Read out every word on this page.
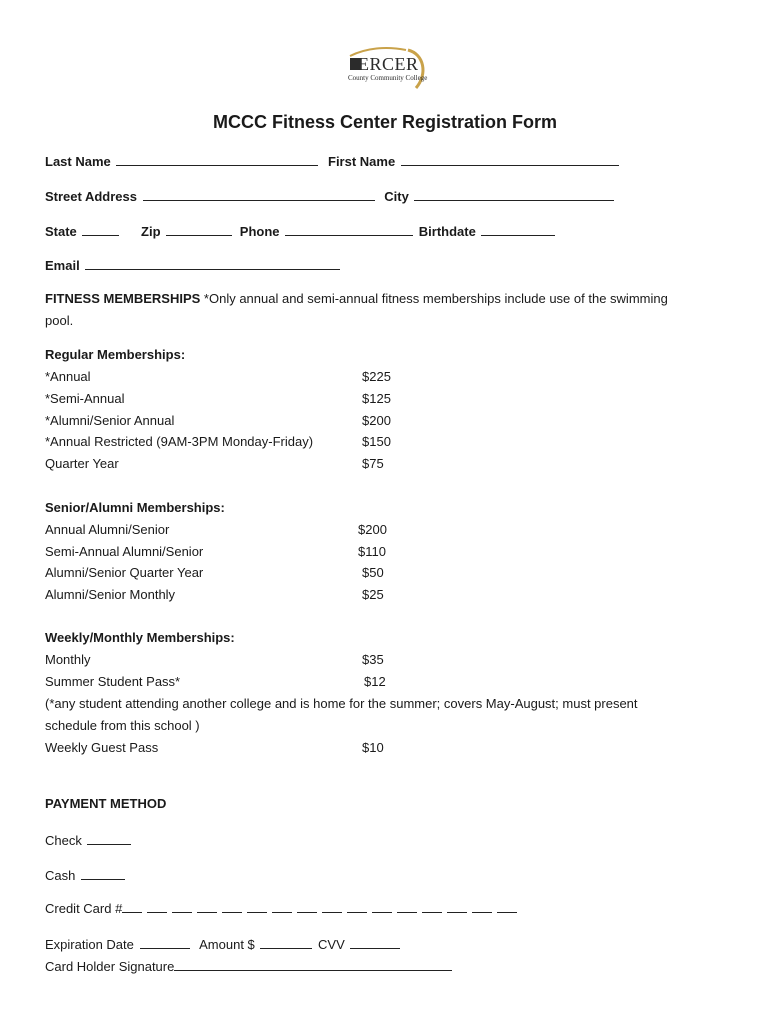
ERCER
County Community College
MCCC Fitness Center Registration Form
Last Name	First Name
Street Address	City
State	Zip	Phone	Birthdate
Email
FITNESS MEMBERSHIPS *Only annual and semi-annual fitness memberships include use of the swimming
pool.
Regular Memberships:
*Annual	$225
*Semi-Annual	$125
*Alumni/Senior Annual	$200
*Annual Restricted (9AM-3PM Monday-Friday)	$150
Quarter Year	$75
Senior/Alumni Memberships:
Annual Alumni/Senior	$200
Semi-Annual Alumni/Senior	$110
Alumni/Senior Quarter Year	$50
Alumni/Senior Monthly	$25
Weekly/Monthly Memberships:
Monthly	$35
Summer Student Pass*	$12
(*any student attending another college and is home for the summer; covers May-August; must present
schedule from this school )
Weekly Guest Pass	$10
PAYMENT METHOD
Check
Cash
Credit Card #
Expiration Date	Amount $	CVV
Card Holder Signature
